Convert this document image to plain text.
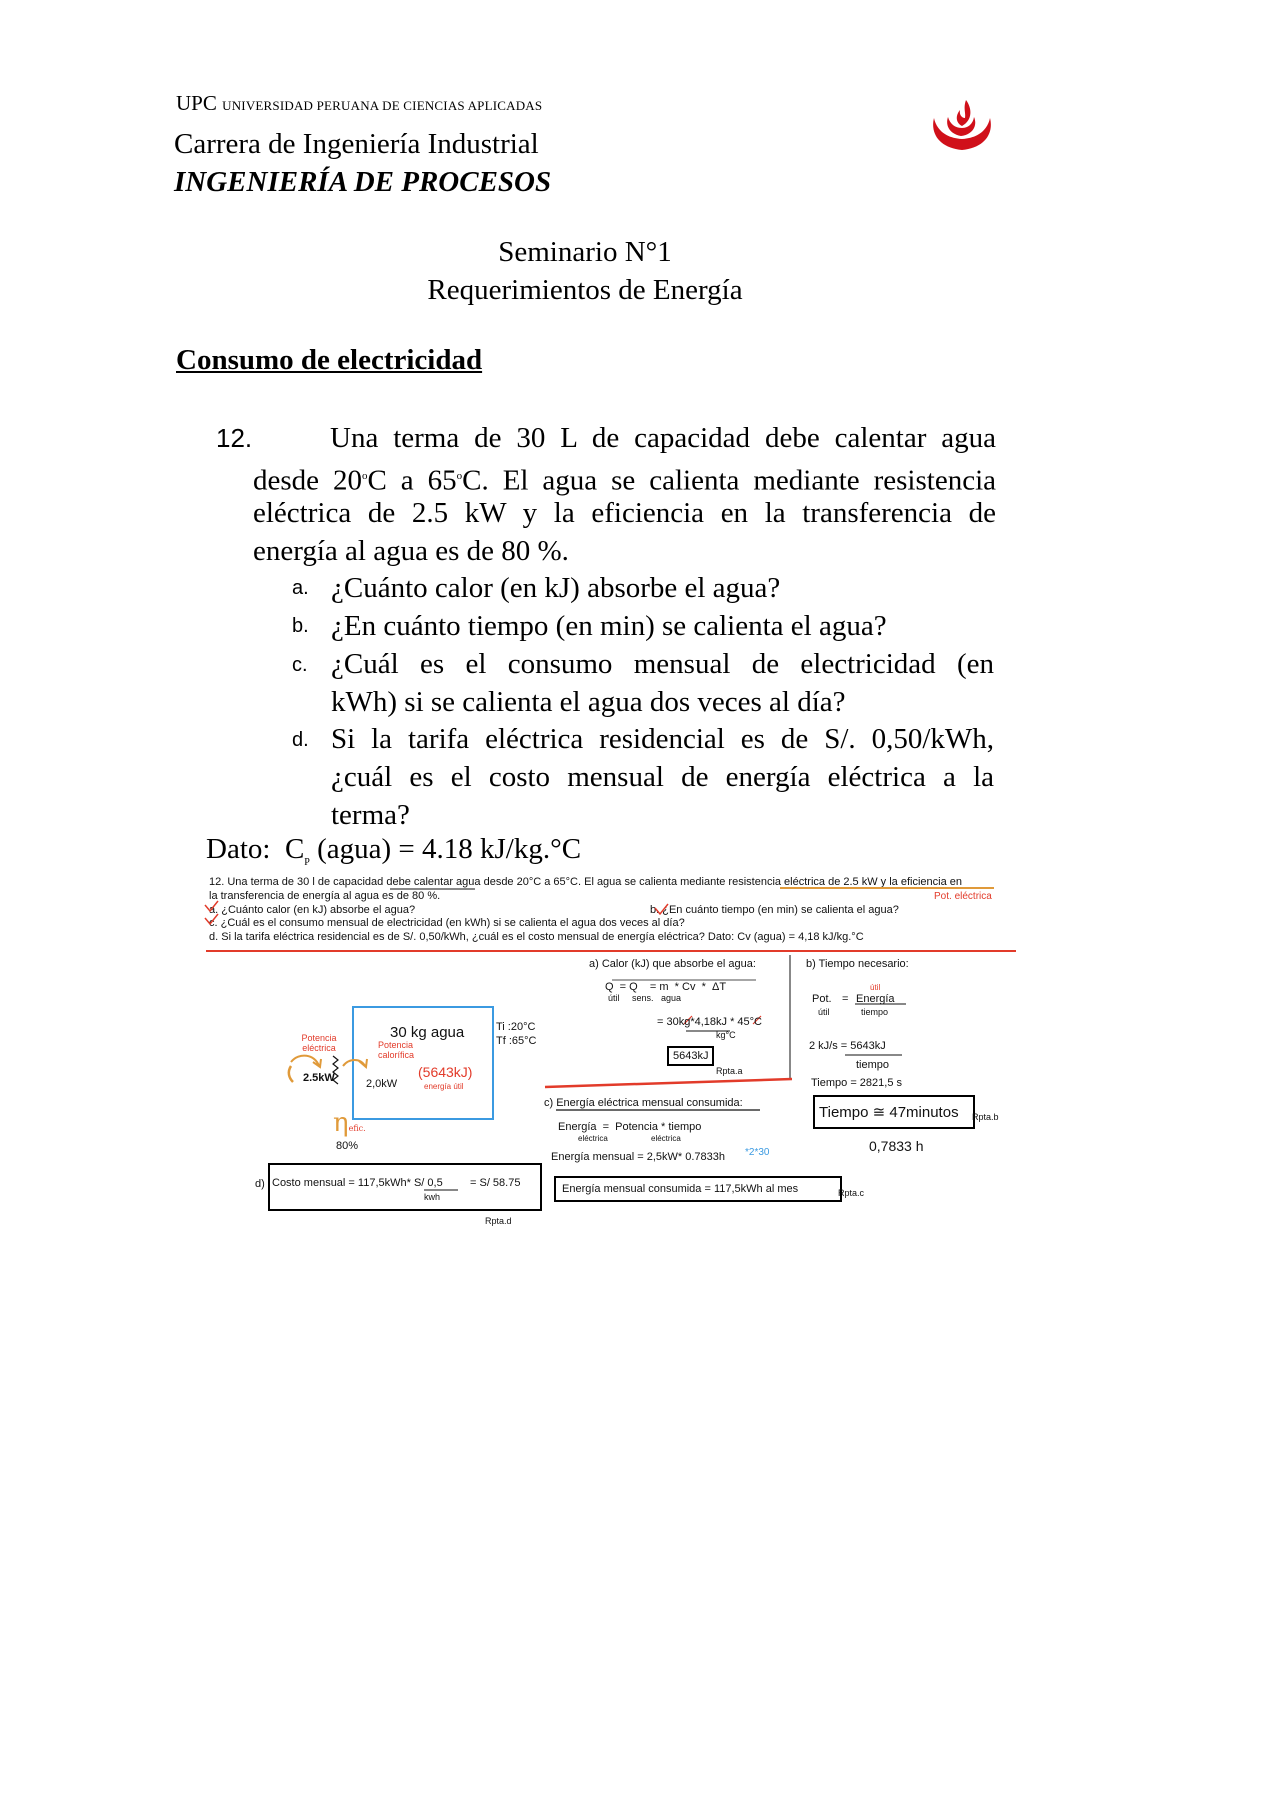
UPC UNIVERSIDAD PERUANA DE CIENCIAS APLICADAS
Carrera de Ingeniería Industrial
INGENIERÍA DE PROCESOS
Seminario N°1
Requerimientos de Energía
Consumo de electricidad
12.	Una terma de 30 L de capacidad debe calentar agua
desde 20$^o$C a 65$^o$C. El agua se calienta mediante resistencia
eléctrica de 2.5 kW y la eficiencia en la transferencia de
energía al agua es de 80 %.
a. ¿Cuánto calor (en kJ) absorbe el agua?
b. ¿En cuánto tiempo (en min) se calienta el agua?
c. ¿Cuál es el consumo mensual de electricidad (en
kWh) si se calienta el agua dos veces al día?
d. Si la tarifa eléctrica residencial es de S/. 0,50/kWh,
¿cuál es el costo mensual de energía eléctrica a la
terma?
Dato: $C_P$ (agua) = 4.18 kJ/kg.°C
12. Una terma de 30 l de capacidad debe calentar agua desde 20°C a 65°C. El agua se calienta mediante resistencia eléctrica de 2.5 kW y la eficiencia en
la transferencia de energía al agua es de 80 %.	Pot. eléctrica
a. ¿Cuánto calor (en kJ) absorbe el agua?	b. ¿En cuánto tiempo (en min) se calienta el agua?
c. ¿Cuál es el consumo mensual de electricidad (en kWh) si se calienta el agua dos veces al día?
d. Si la tarifa eléctrica residencial es de S/. 0,50/kWh, ¿cuál es el costo mensual de energía eléctrica? Dato: Cv (agua) = 4,18 kJ/kg.°C
30 kg agua	Ti :20°C
Tf :65°C
Potencia eléctrica	Potencia calorífica
2.5kW	2,0kW
(5643kJ)
energía útil
ηefic.
80%
a) Calor (kJ) que absorbe el agua:
Q  = Q    = m  * Cv  *  ΔT
útil     sens.   agua
= 30kg*4,18kJ * 45°C
kg°C
5643kJ
Rpta.a
b) Tiempo necesario:
útil
Pot. = Energía
útil	tiempo
2 kJ/s = 5643kJ
tiempo
Tiempo = 2821,5 s
Tiempo ≅ 47minutos	Rpta.b
0,7833 h
c) Energía eléctrica mensual consumida:
Energía  =  Potencia * tiempo
eléctrica	eléctrica
Energía mensual = 2,5kW* 0.7833h *2*30
Energía mensual consumida = 117,5kWh al mes	Rpta.c
d) Costo mensual = 117,5kWh* S/ 0,5
kwh
= S/ 58.75
Rpta.d
